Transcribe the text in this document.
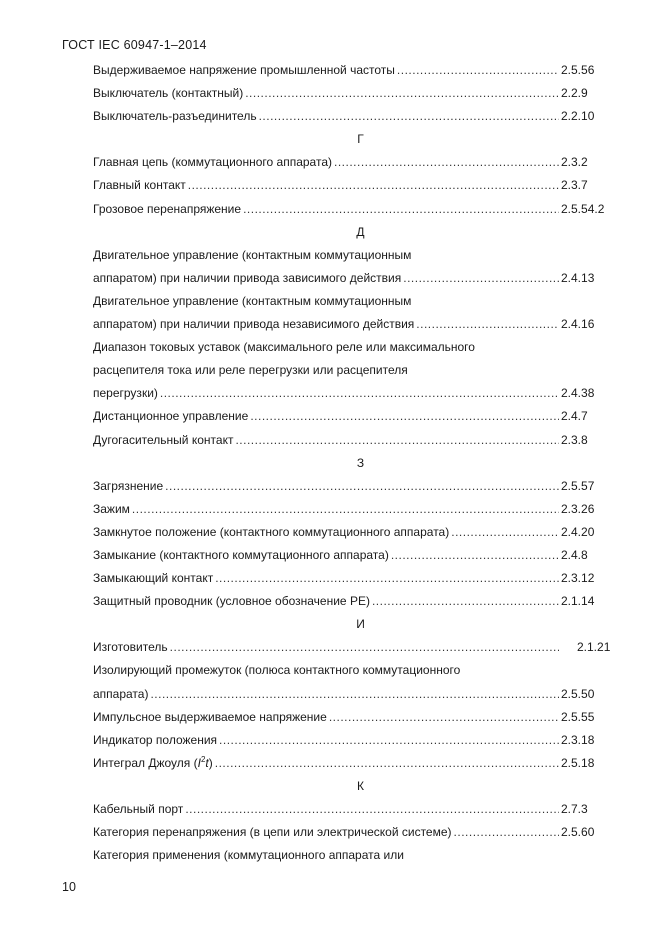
ГОСТ IEC 60947-1–2014
Выдерживаемое напряжение промышленной частоты .....	2.5.56
Выключатель (контактный) .....	2.2.9
Выключатель-разъединитель .....	2.2.10
Г
Главная цепь (коммутационного аппарата) .....	2.3.2
Главный контакт .....	2.3.7
Грозовое перенапряжение .....	2.5.54.2
Д
Двигательное управление (контактным коммутационным
аппаратом) при наличии привода зависимого действия .....	2.4.13
Двигательное управление (контактным коммутационным
аппаратом) при наличии привода независимого действия .....	2.4.16
Диапазон токовых уставок (максимального реле или максимального
расцепителя тока или реле перегрузки или расцепителя
перегрузки) .....	2.4.38
Дистанционное управление .....	2.4.7
Дугогасительный контакт .....	2.3.8
З
Загрязнение .....	2.5.57
Зажим .....	2.3.26
Замкнутое положение (контактного коммутационного аппарата) .....	2.4.20
Замыкание (контактного коммутационного аппарата) .....	2.4.8
Замыкающий контакт .....	2.3.12
Защитный проводник (условное обозначение PE) .....	2.1.14
И
Изготовитель .....	2.1.21
Изолирующий промежуток (полюса контактного коммутационного
аппарата) .....	2.5.50
Импульсное выдерживаемое напряжение .....	2.5.55
Индикатор положения .....	2.3.18
Интеграл Джоуля $(I^2t)$ .....	2.5.18
К
Кабельный порт .....	2.7.3
Категория перенапряжения (в цепи или электрической системе) .....	2.5.60
Категория применения (коммутационного аппарата или
10
